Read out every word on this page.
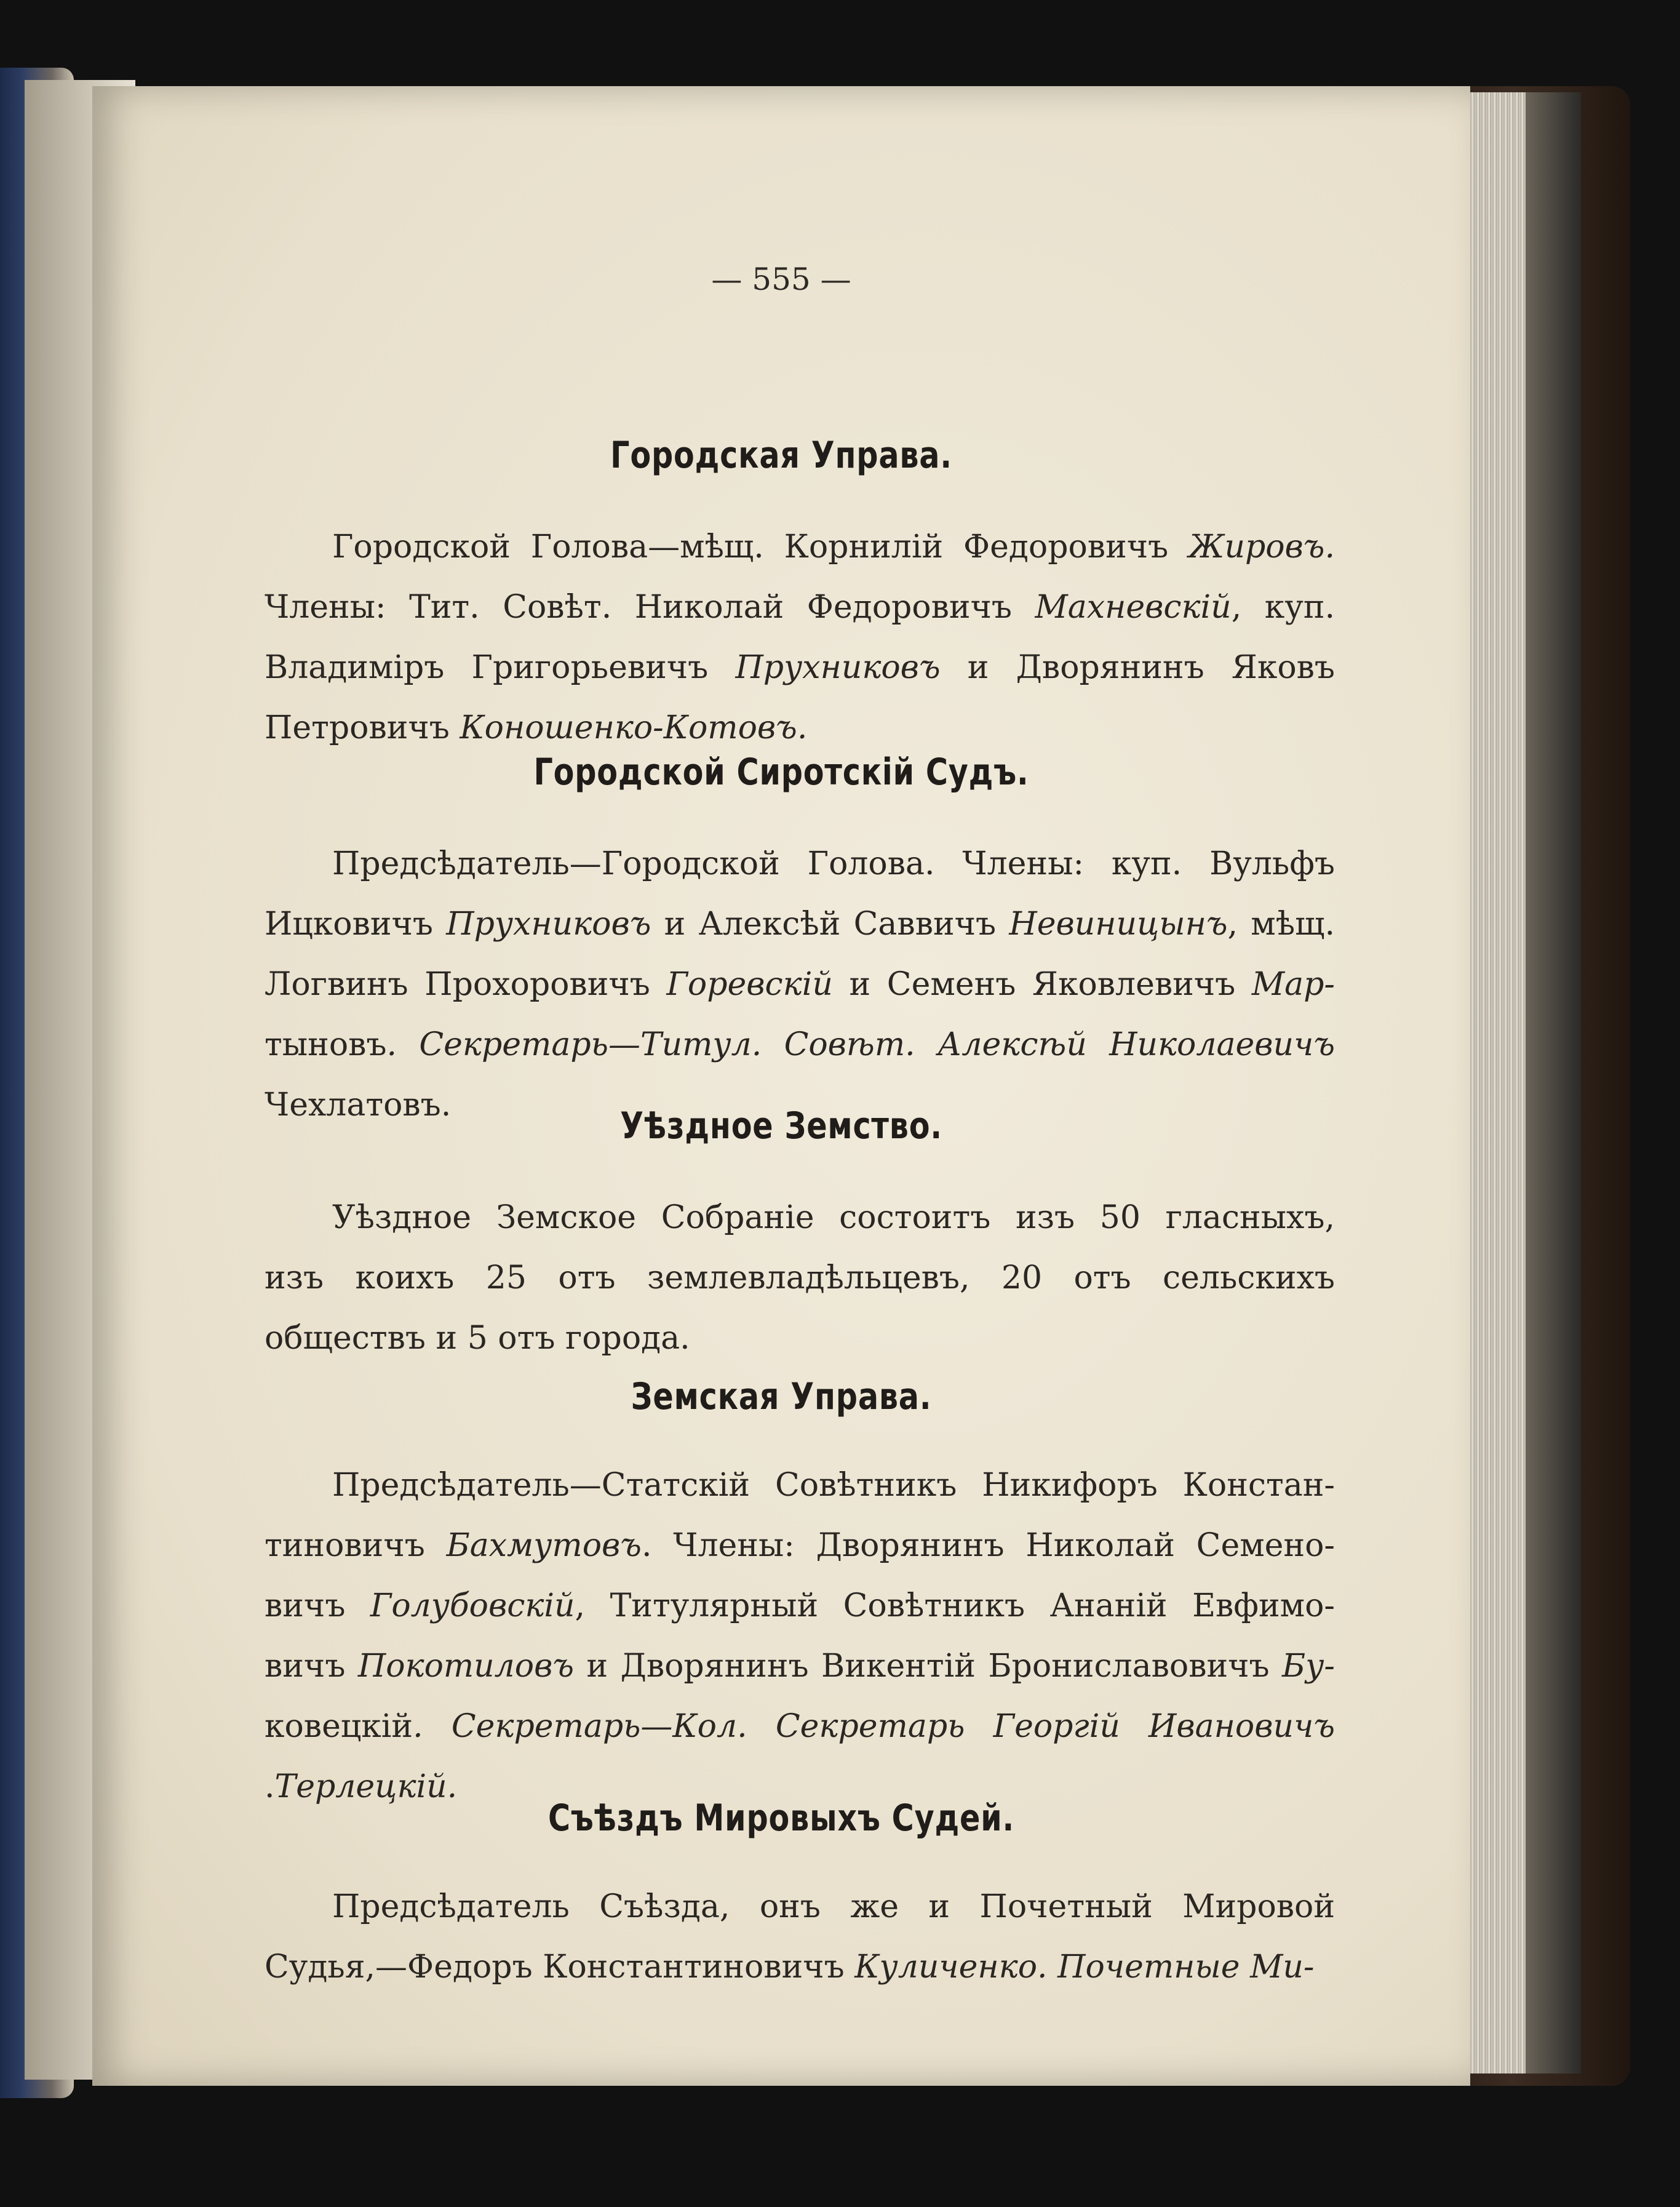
— 555 —
Городская Управа.
Городской Голова—мѣщ. Корнилій Федоровичъ Жировъ.
Члены: Тит. Совѣт. Николай Федоровичъ Махневскій, куп.
Владиміръ Григорьевичъ Прухниковъ и Дворянинъ Яковъ
Петровичъ Коношенко-Котовъ.
Городской Сиротскій Судъ.
Предсѣдатель—Городской Голова. Члены: куп. Вульфъ
Ицковичъ Прухниковъ и Алексѣй Саввичъ Невиницынъ, мѣщ.
Логвинъ Прохоровичъ Горевскій и Семенъ Яковлевичъ Мар-
тыновъ. Секретарь—Титул. Совѣт. Алексѣй Николаевичъ
Чехлатовъ.	Уѣздное Земство.
Уѣздное Земское Собраніе состоитъ изъ 50 гласныхъ,
изъ коихъ 25 отъ землевладѣльцевъ, 20 отъ сельскихъ
обществъ и 5 отъ города.
Земская Управа.
Предсѣдатель—Статскій Совѣтникъ Никифоръ Констан-
тиновичъ Бахмутовъ. Члены: Дворянинъ Николай Семено-
вичъ Голубовскій, Титулярный Совѣтникъ Ананій Евфимо-
вичъ Покотиловъ и Дворянинъ Викентій Брониславовичъ Бу-
ковецкій. Секретарь—Кол. Секретарь Георгій Ивановичъ
.Терлецкій.
Съѣздъ Мировыхъ Судей.
Предсѣдатель Съѣзда, онъ же и Почетный Мировой
Судья,—Федоръ Константиновичъ Куличенко. Почетные Ми-
